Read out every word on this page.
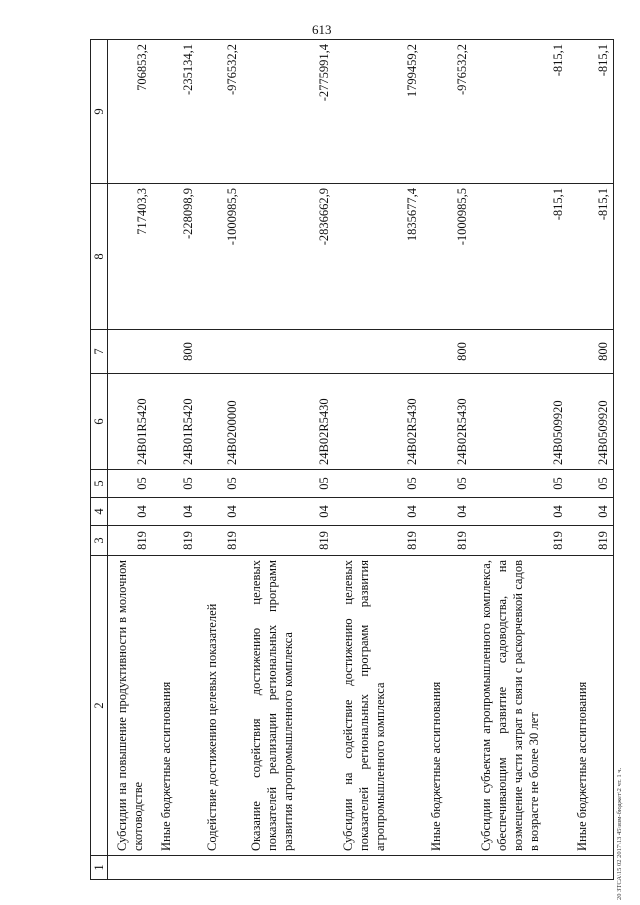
613
20 ЗТСА\15 02 2017\13 45\изм-бюджет\2 чт. 1 ч.
1	2	3	4	5	6	7	8	9
	Субсидии на повышение продуктивности в молочном скотоводстве	819	04	05	24B01R5420		717403,3	706853,2
	Иные бюджетные ассигнования	819	04	05	24B01R5420	800	-228098,9	-235134,1
	Содействие достижению целевых показателей	819	04	05	24B0200000		-1000985,5	-976532,2
	Оказание содействия достижению целевых показателей реализации региональных программ развития агропромышленного комплекса	819	04	05	24B02R5430		-2836662,9	-2775991,4
	Субсидии на содействие достижению целевых показателей региональных программ развития агропромышленного комплекса	819	04	05	24B02R5430		1835677,4	1799459,2
	Иные бюджетные ассигнования	819	04	05	24B02R5430	800	-1000985,5	-976532,2
	Субсидии субъектам агропромышленного комплекса, обеспечивающим развитие садоводства, на возмещение части затрат в связи с раскорчевкой садов в возрасте не более 30 лет	819	04	05	24B0509920		-815,1	-815,1
	Иные бюджетные ассигнования	819	04	05	24B0509920	800	-815,1	-815,1
